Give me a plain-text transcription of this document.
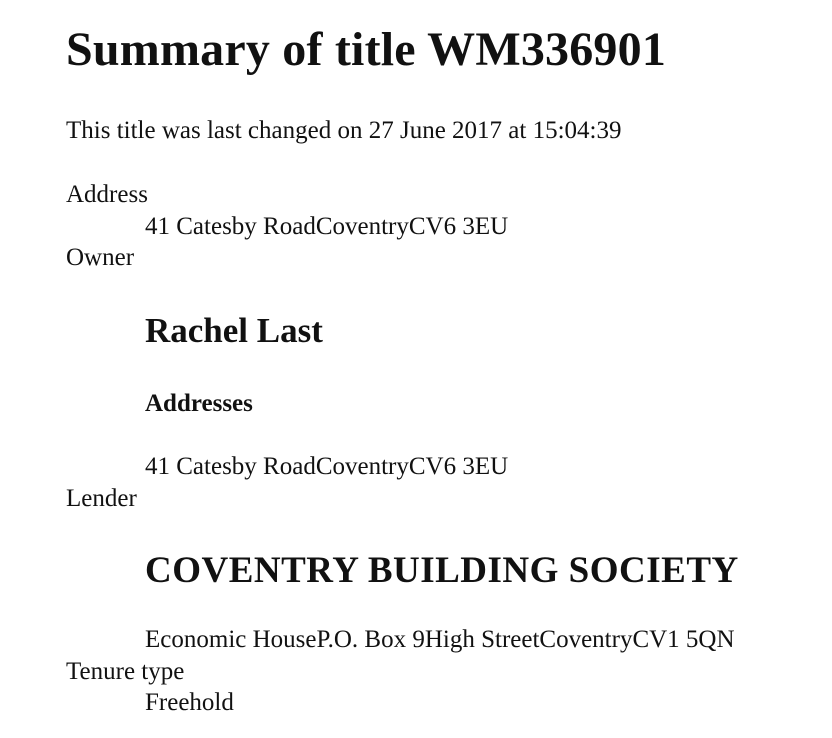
Summary of title WM336901
This title was last changed on 27 June 2017 at 15:04:39
Address
41 Catesby RoadCoventryCV6 3EU
Owner
Rachel Last
Addresses
41 Catesby RoadCoventryCV6 3EU
Lender
COVENTRY BUILDING SOCIETY
Economic HouseP.O. Box 9High StreetCoventryCV1 5QN
Tenure type
Freehold
